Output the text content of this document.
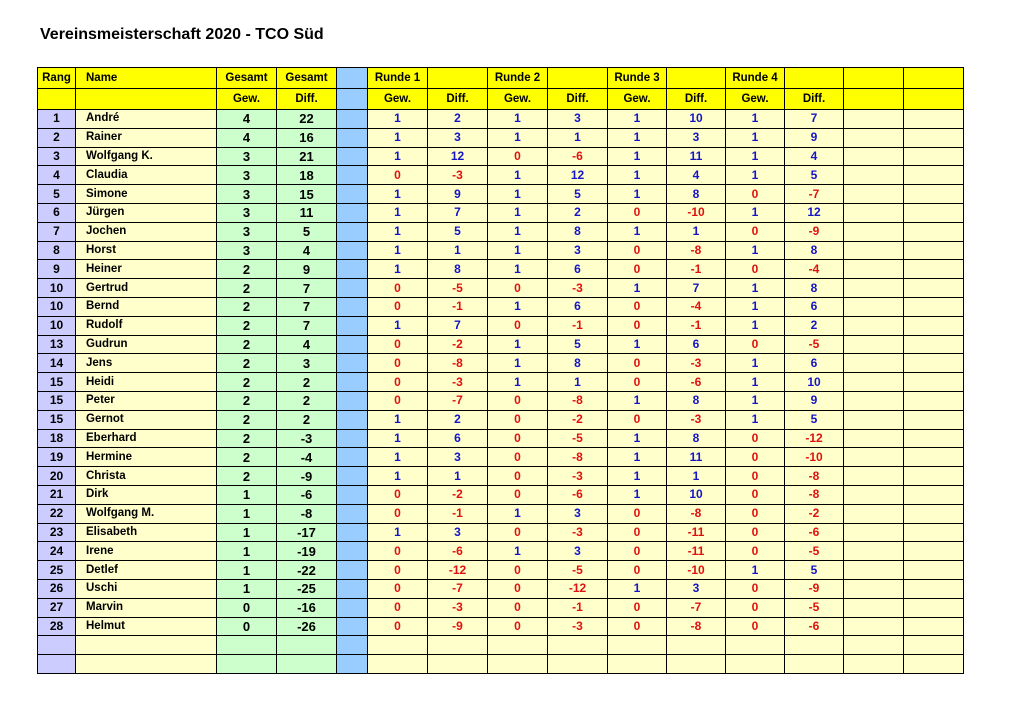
Vereinsmeisterschaft 2020 - TCO Süd
Rang	Name	Gesamt	Gesamt		Runde 1		Runde 2		Runde 3		Runde 4			
		Gew.	Diff.		Gew.	Diff.	Gew.	Diff.	Gew.	Diff.	Gew.	Diff.		
1	André	4	22		1	2	1	3	1	10	1	7		
2	Rainer	4	16		1	3	1	1	1	3	1	9		
3	Wolfgang K.	3	21		1	12	0	-6	1	11	1	4		
4	Claudia	3	18		0	-3	1	12	1	4	1	5		
5	Simone	3	15		1	9	1	5	1	8	0	-7		
6	Jürgen	3	11		1	7	1	2	0	-10	1	12		
7	Jochen	3	5		1	5	1	8	1	1	0	-9		
8	Horst	3	4		1	1	1	3	0	-8	1	8		
9	Heiner	2	9		1	8	1	6	0	-1	0	-4		
10	Gertrud	2	7		0	-5	0	-3	1	7	1	8		
10	Bernd	2	7		0	-1	1	6	0	-4	1	6		
10	Rudolf	2	7		1	7	0	-1	0	-1	1	2		
13	Gudrun	2	4		0	-2	1	5	1	6	0	-5		
14	Jens	2	3		0	-8	1	8	0	-3	1	6		
15	Heidi	2	2		0	-3	1	1	0	-6	1	10		
15	Peter	2	2		0	-7	0	-8	1	8	1	9		
15	Gernot	2	2		1	2	0	-2	0	-3	1	5		
18	Eberhard	2	-3		1	6	0	-5	1	8	0	-12		
19	Hermine	2	-4		1	3	0	-8	1	11	0	-10		
20	Christa	2	-9		1	1	0	-3	1	1	0	-8		
21	Dirk	1	-6		0	-2	0	-6	1	10	0	-8		
22	Wolfgang M.	1	-8		0	-1	1	3	0	-8	0	-2		
23	Elisabeth	1	-17		1	3	0	-3	0	-11	0	-6		
24	Irene	1	-19		0	-6	1	3	0	-11	0	-5		
25	Detlef	1	-22		0	-12	0	-5	0	-10	1	5		
26	Uschi	1	-25		0	-7	0	-12	1	3	0	-9		
27	Marvin	0	-16		0	-3	0	-1	0	-7	0	-5		
28	Helmut	0	-26		0	-9	0	-3	0	-8	0	-6		
